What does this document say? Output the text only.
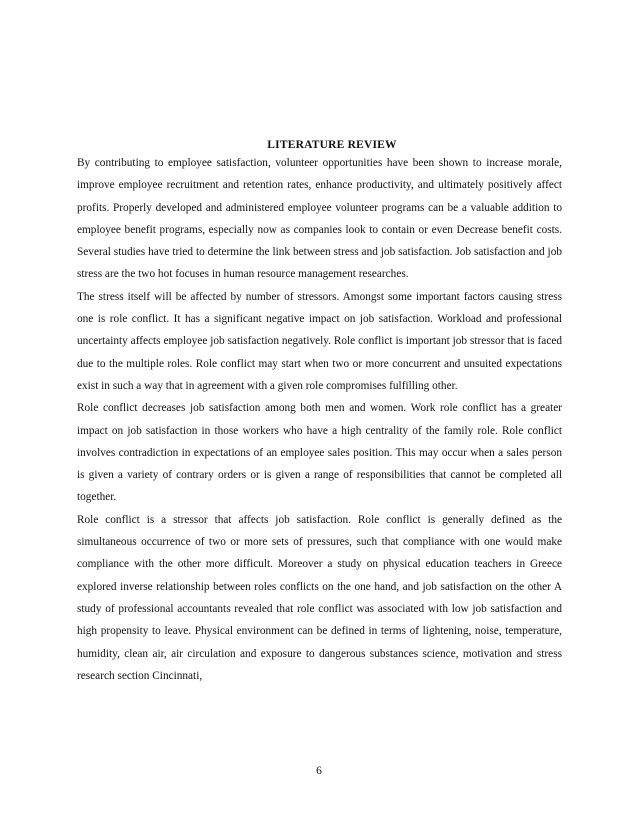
LITERATURE REVIEW

By contributing to employee satisfaction, volunteer opportunities have been shown to increase morale, improve employee recruitment and retention rates, enhance productivity, and ultimately positively affect profits. Properly developed and administered employee volunteer programs can be a valuable addition to employee benefit programs, especially now as companies look to contain or even Decrease benefit costs. Several studies have tried to determine the link between stress and job satisfaction. Job satisfaction and job stress are the two hot focuses in human resource management researches.

The stress itself will be affected by number of stressors. Amongst some important factors causing stress one is role conflict. It has a significant negative impact on job satisfaction. Workload and professional uncertainty affects employee job satisfaction negatively. Role conflict is important job stressor that is faced due to the multiple roles. Role conflict may start when two or more concurrent and unsuited expectations exist in such a way that in agreement with a given role compromises fulfilling other.

Role conflict decreases job satisfaction among both men and women. Work role conflict has a greater impact on job satisfaction in those workers who have a high centrality of the family role. Role conflict involves contradiction in expectations of an employee sales position. This may occur when a sales person is given a variety of contrary orders or is given a range of responsibilities that cannot be completed all together.

Role conflict is a stressor that affects job satisfaction. Role conflict is generally defined as the simultaneous occurrence of two or more sets of pressures, such that compliance with one would make compliance with the other more difficult. Moreover a study on physical education teachers in Greece explored inverse relationship between roles conflicts on the one hand, and job satisfaction on the other A study of professional accountants revealed that role conflict was associated with low job satisfaction and high propensity to leave. Physical environment can be defined in terms of lightening, noise, temperature, humidity, clean air, air circulation and exposure to dangerous substances science, motivation and stress research section Cincinnati,

6
